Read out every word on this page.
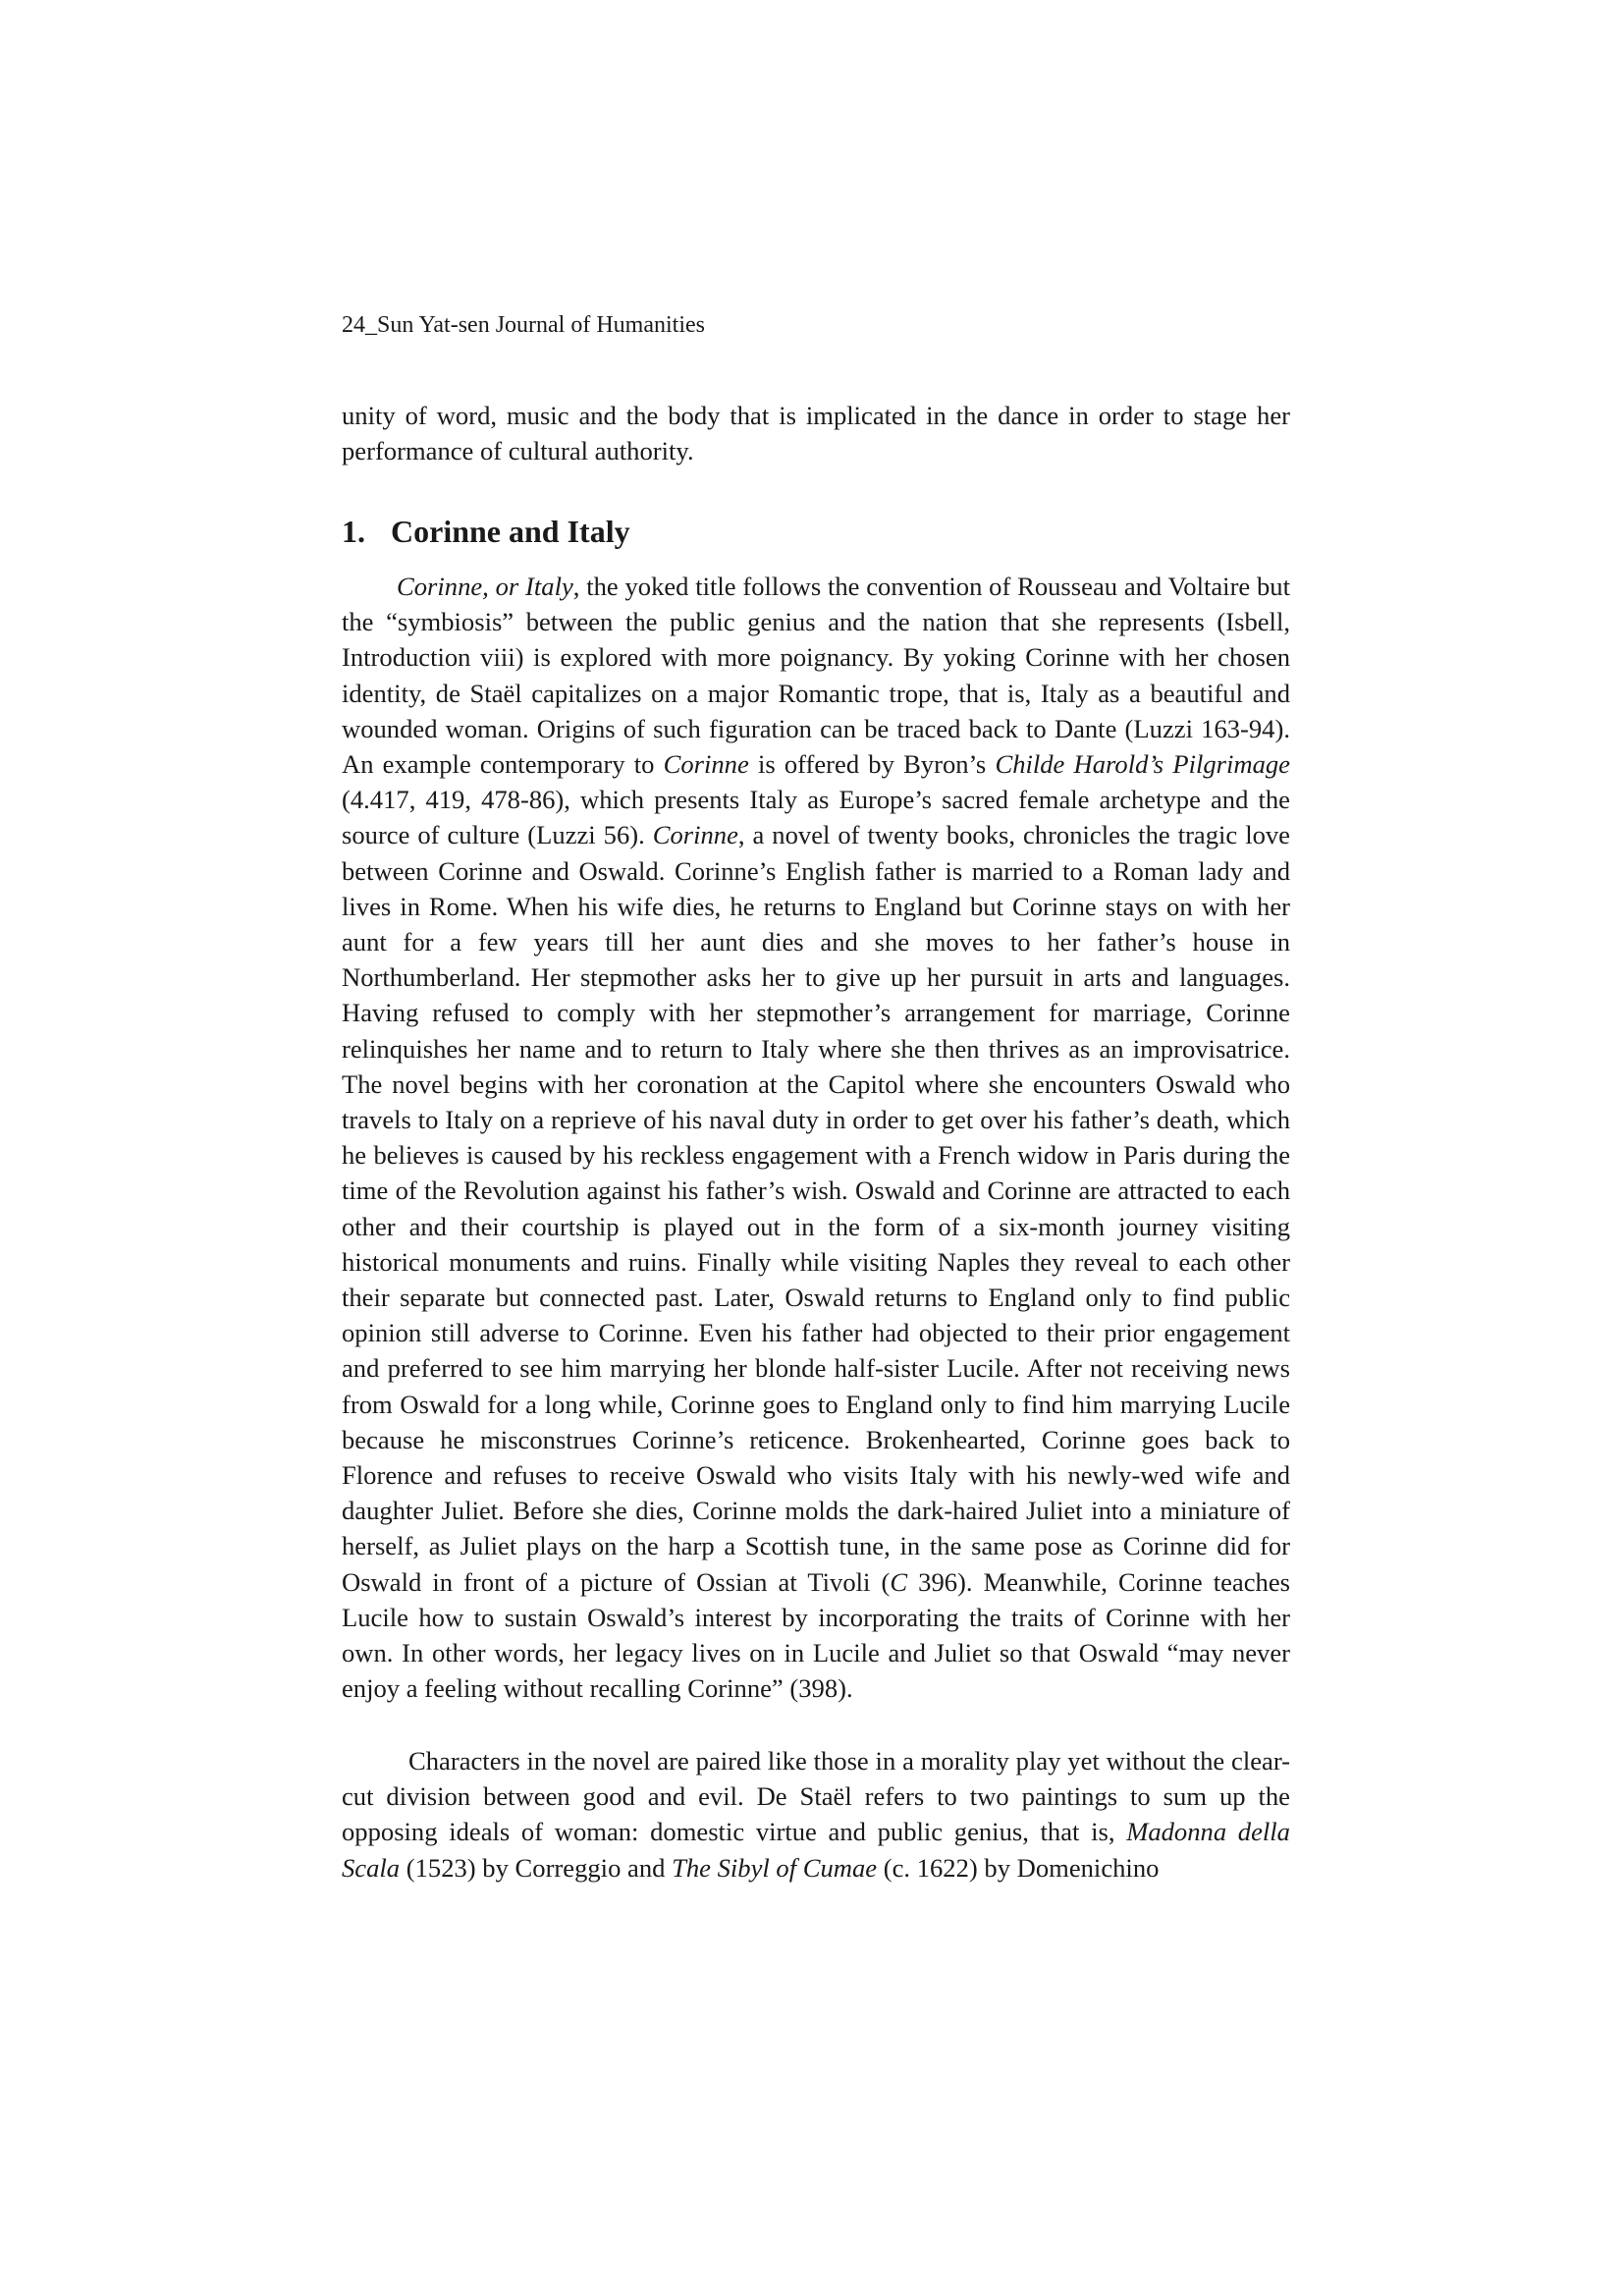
24_Sun Yat-sen Journal of Humanities

unity of word, music and the body that is implicated in the dance in order to stage her performance of cultural authority.

1. Corinne and Italy

Corinne, or Italy, the yoked title follows the convention of Rousseau and Voltaire but the “symbiosis” between the public genius and the nation that she represents (Isbell, Introduction viii) is explored with more poignancy. By yoking Corinne with her chosen identity, de Staël capitalizes on a major Romantic trope, that is, Italy as a beautiful and wounded woman. Origins of such figuration can be traced back to Dante (Luzzi 163-94). An example contemporary to Corinne is offered by Byron’s Childe Harold’s Pilgrimage (4.417, 419, 478-86), which presents Italy as Europe’s sacred female archetype and the source of culture (Luzzi 56). Corinne, a novel of twenty books, chronicles the tragic love between Corinne and Oswald. Corinne’s English father is married to a Roman lady and lives in Rome. When his wife dies, he returns to England but Corinne stays on with her aunt for a few years till her aunt dies and she moves to her father’s house in Northumberland. Her stepmother asks her to give up her pursuit in arts and languages. Having refused to comply with her stepmother’s arrangement for marriage, Corinne relinquishes her name and to return to Italy where she then thrives as an improvisatrice. The novel begins with her coronation at the Capitol where she encounters Oswald who travels to Italy on a reprieve of his naval duty in order to get over his father’s death, which he believes is caused by his reckless engagement with a French widow in Paris during the time of the Revolution against his father’s wish. Oswald and Corinne are attracted to each other and their courtship is played out in the form of a six-month journey visiting historical monuments and ruins. Finally while visiting Naples they reveal to each other their separate but connected past. Later, Oswald returns to England only to find public opinion still adverse to Corinne. Even his father had objected to their prior engagement and preferred to see him marrying her blonde half-sister Lucile. After not receiving news from Oswald for a long while, Corinne goes to England only to find him marrying Lucile because he misconstrues Corinne’s reticence. Brokenhearted, Corinne goes back to Florence and refuses to receive Oswald who visits Italy with his newly-wed wife and daughter Juliet. Before she dies, Corinne molds the dark-haired Juliet into a miniature of herself, as Juliet plays on the harp a Scottish tune, in the same pose as Corinne did for Oswald in front of a picture of Ossian at Tivoli (C 396). Meanwhile, Corinne teaches Lucile how to sustain Oswald’s interest by incorporating the traits of Corinne with her own. In other words, her legacy lives on in Lucile and Juliet so that Oswald “may never enjoy a feeling without recalling Corinne” (398).

Characters in the novel are paired like those in a morality play yet without the clear-cut division between good and evil. De Staël refers to two paintings to sum up the opposing ideals of woman: domestic virtue and public genius, that is, Madonna della Scala (1523) by Correggio and The Sibyl of Cumae (c. 1622) by Domenichino
